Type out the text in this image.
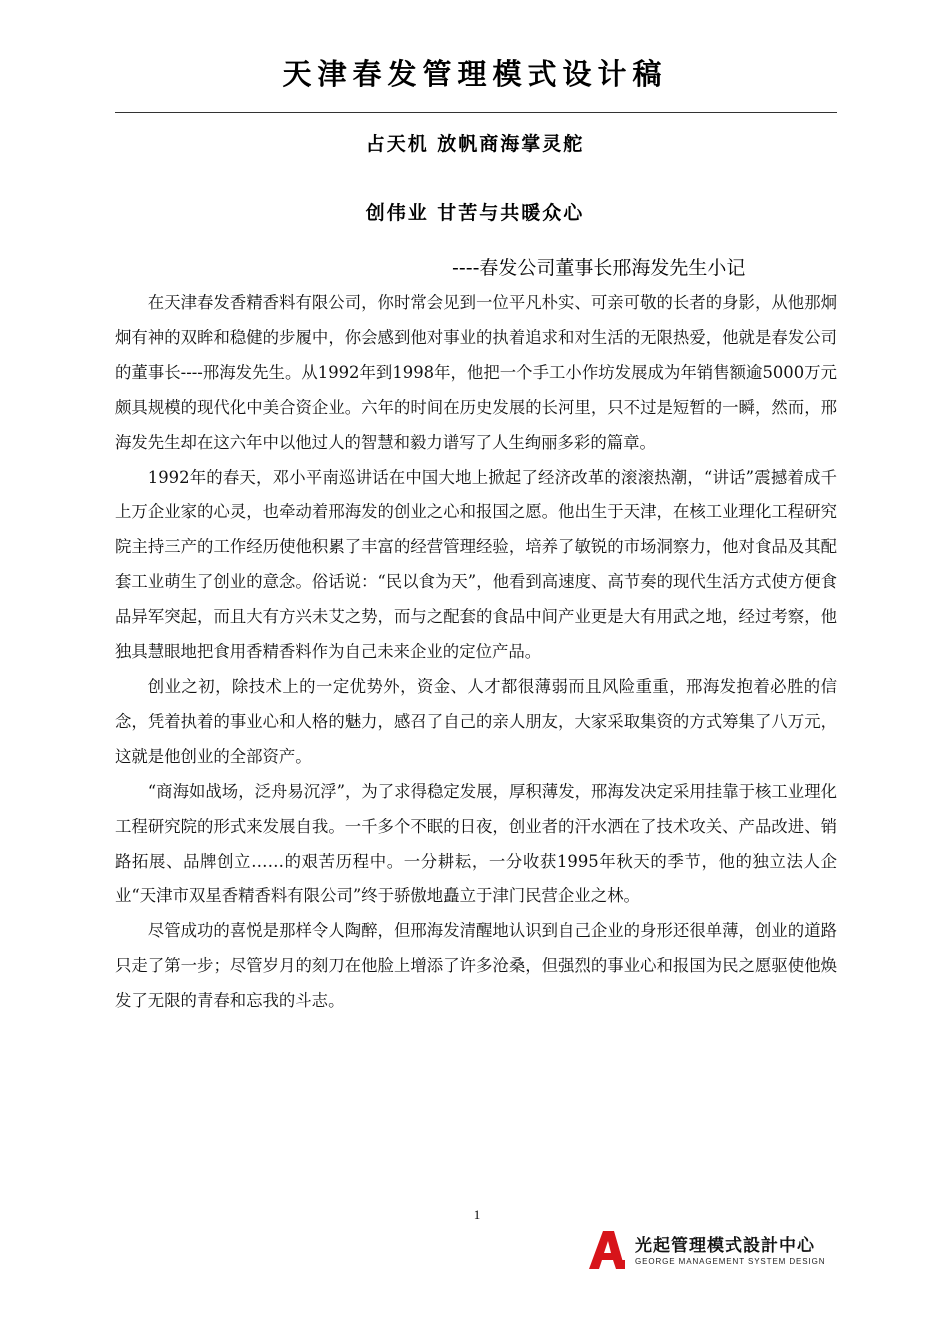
天津春发管理模式设计稿
占天机 放帆商海掌灵舵
创伟业 甘苦与共暖众心
----春发公司董事长邢海发先生小记

在天津春发香精香料有限公司，你时常会见到一位平凡朴实、可亲可敬的长者的身影，从他那炯炯有神的双眸和稳健的步履中，你会感到他对事业的执着追求和对生活的无限热爱，他就是春发公司的董事长----邢海发先生。从1992年到1998年，他把一个手工小作坊发展成为年销售额逾5000万元颇具规模的现代化中美合资企业。六年的时间在历史发展的长河里，只不过是短暂的一瞬，然而，邢海发先生却在这六年中以他过人的智慧和毅力谱写了人生绚丽多彩的篇章。

1992年的春天，邓小平南巡讲话在中国大地上掀起了经济改革的滚滚热潮，“讲话”震撼着成千上万企业家的心灵，也牵动着邢海发的创业之心和报国之愿。他出生于天津，在核工业理化工程研究院主持三产的工作经历使他积累了丰富的经营管理经验，培养了敏锐的市场洞察力，他对食品及其配套工业萌生了创业的意念。俗话说：“民以食为天”，他看到高速度、高节奏的现代生活方式使方便食品异军突起，而且大有方兴未艾之势，而与之配套的食品中间产业更是大有用武之地，经过考察，他独具慧眼地把食用香精香料作为自己未来企业的定位产品。

创业之初，除技术上的一定优势外，资金、人才都很薄弱而且风险重重，邢海发抱着必胜的信念，凭着执着的事业心和人格的魅力，感召了自己的亲人朋友，大家采取集资的方式筹集了八万元，这就是他创业的全部资产。

“商海如战场，泛舟易沉浮”，为了求得稳定发展，厚积薄发，邢海发决定采用挂靠于核工业理化工程研究院的形式来发展自我。一千多个不眠的日夜，创业者的汗水洒在了技术攻关、产品改进、销路拓展、品牌创立……的艰苦历程中。一分耕耘，一分收获1995年秋天的季节，他的独立法人企业“天津市双星香精香料有限公司”终于骄傲地矗立于津门民营企业之林。

尽管成功的喜悦是那样令人陶醉，但邢海发清醒地认识到自己企业的身形还很单薄，创业的道路只走了第一步；尽管岁月的刻刀在他脸上增添了许多沧桑，但强烈的事业心和报国为民之愿驱使他焕发了无限的青春和忘我的斗志。

1
光起管理模式設計中心
GEORGE MANAGEMENT SYSTEM DESIGN
